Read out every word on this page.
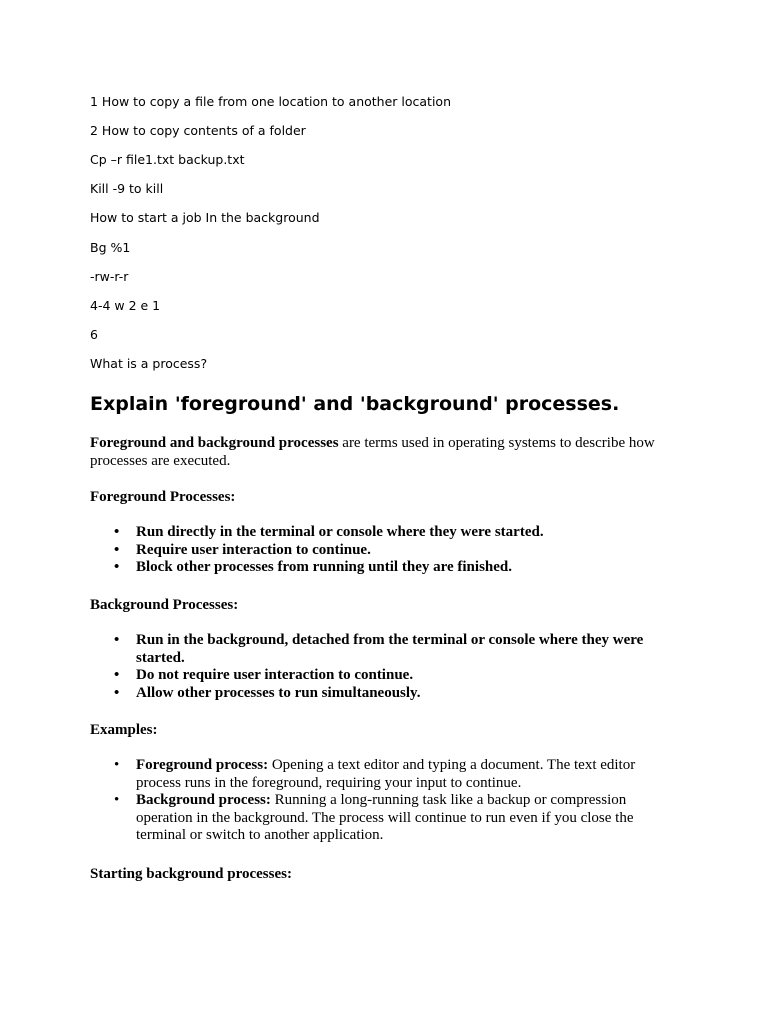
1 How to copy a file from one location to another location
2 How to copy contents of a folder
Cp –r file1.txt backup.txt
Kill -9 to kill
How to start a job In the background
Bg %1
-rw-r-r
4-4 w 2 e 1
6
What is a process?
Explain 'foreground' and 'background' processes.

Foreground and background processes are terms used in operating systems to describe how processes are executed.

Foreground Processes:
• Run directly in the terminal or console where they were started.
• Require user interaction to continue.
• Block other processes from running until they are finished.
Background Processes:
• Run in the background, detached from the terminal or console where they were started.
• Do not require user interaction to continue.
• Allow other processes to run simultaneously.
Examples:
• Foreground process: Opening a text editor and typing a document. The text editor process runs in the foreground, requiring your input to continue.
• Background process: Running a long-running task like a backup or compression operation in the background. The process will continue to run even if you close the terminal or switch to another application.
Starting background processes:
